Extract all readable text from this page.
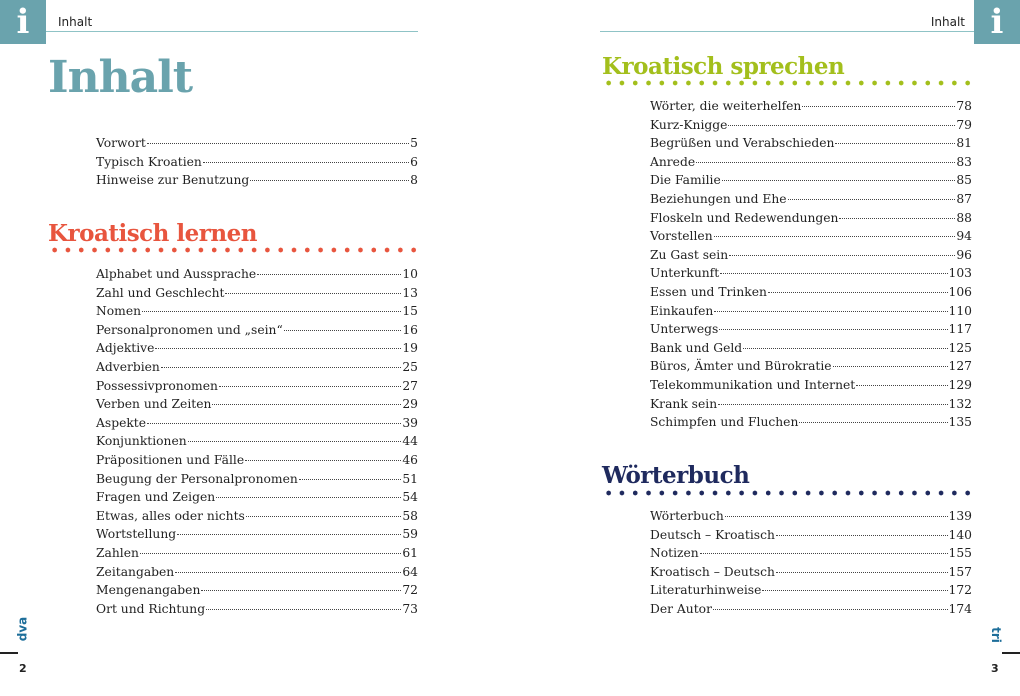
i	Inhalt
Inhalt
Vorwort	5
Typisch Kroatien	6
Hinweise zur Benutzung	8
Kroatisch lernen
Alphabet und Aussprache	10
Zahl und Geschlecht	13
Nomen	15
Personalpronomen und „sein“	16
Adjektive	19
Adverbien	25
Possessivpronomen	27
Verben und Zeiten	29
Aspekte	39
Konjunktionen	44
Präpositionen und Fälle	46
Beugung der Personalpronomen	51
Fragen und Zeigen	54
Etwas, alles oder nichts	58
Wortstellung	59
Zahlen	61
Zeitangaben	64
Mengenangaben	72
Ort und Richtung	73
i
Inhalt
Kroatisch sprechen
Wörter, die weiterhelfen	78
Kurz-Knigge	79
Begrüßen und Verabschieden	81
Anrede	83
Die Familie	85
Beziehungen und Ehe	87
Floskeln und Redewendungen	88
Vorstellen	94
Zu Gast sein	96
Unterkunft	103
Essen und Trinken	106
Einkaufen	110
Unterwegs	117
Bank und Geld	125
Büros, Ämter und Bürokratie	127
Telekommunikation und Internet	129
Krank sein	132
Schimpfen und Fluchen	135
Wörterbuch
Wörterbuch	139
Deutsch – Kroatisch	140
Notizen	155
Kroatisch – Deutsch	157
Literaturhinweise	172
Der Autor	174
dva
2
tri
3
